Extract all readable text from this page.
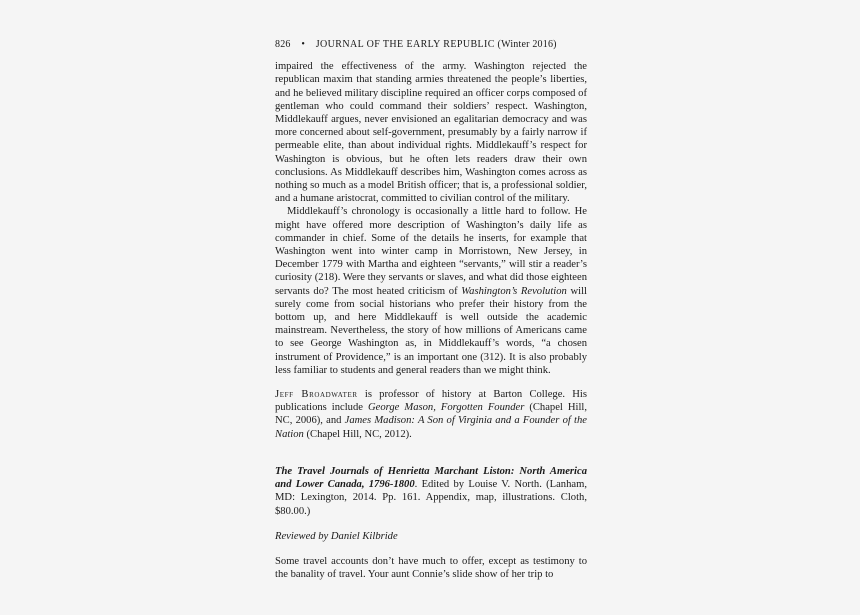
826 • JOURNAL OF THE EARLY REPUBLIC (Winter 2016)

impaired the effectiveness of the army. Washington rejected the republican maxim that standing armies threatened the people’s liberties, and he believed military discipline required an officer corps composed of gentleman who could command their soldiers’ respect. Washington, Middlekauff argues, never envisioned an egalitarian democracy and was more concerned about self-government, presumably by a fairly narrow if permeable elite, than about individual rights. Middlekauff’s respect for Washington is obvious, but he often lets readers draw their own conclusions. As Middlekauff describes him, Washington comes across as nothing so much as a model British officer; that is, a professional soldier, and a humane aristocrat, committed to civilian control of the military.

Middlekauff’s chronology is occasionally a little hard to follow. He might have offered more description of Washington’s daily life as commander in chief. Some of the details he inserts, for example that Washington went into winter camp in Morristown, New Jersey, in December 1779 with Martha and eighteen “servants,” will stir a reader’s curiosity (218). Were they servants or slaves, and what did those eighteen servants do? The most heated criticism of Washington’s Revolution will surely come from social historians who prefer their history from the bottom up, and here Middlekauff is well outside the academic mainstream. Nevertheless, the story of how millions of Americans came to see George Washington as, in Middlekauff’s words, “a chosen instrument of Providence,” is an important one (312). It is also probably less familiar to students and general readers than we might think.

Jeff Broadwater is professor of history at Barton College. His publications include George Mason, Forgotten Founder (Chapel Hill, NC, 2006), and James Madison: A Son of Virginia and a Founder of the Nation (Chapel Hill, NC, 2012).

The Travel Journals of Henrietta Marchant Liston: North America and Lower Canada, 1796-1800. Edited by Louise V. North. (Lanham, MD: Lexington, 2014. Pp. 161. Appendix, map, illustrations. Cloth, $80.00.)

Reviewed by Daniel Kilbride

Some travel accounts don’t have much to offer, except as testimony to the banality of travel. Your aunt Connie’s slide show of her trip to
